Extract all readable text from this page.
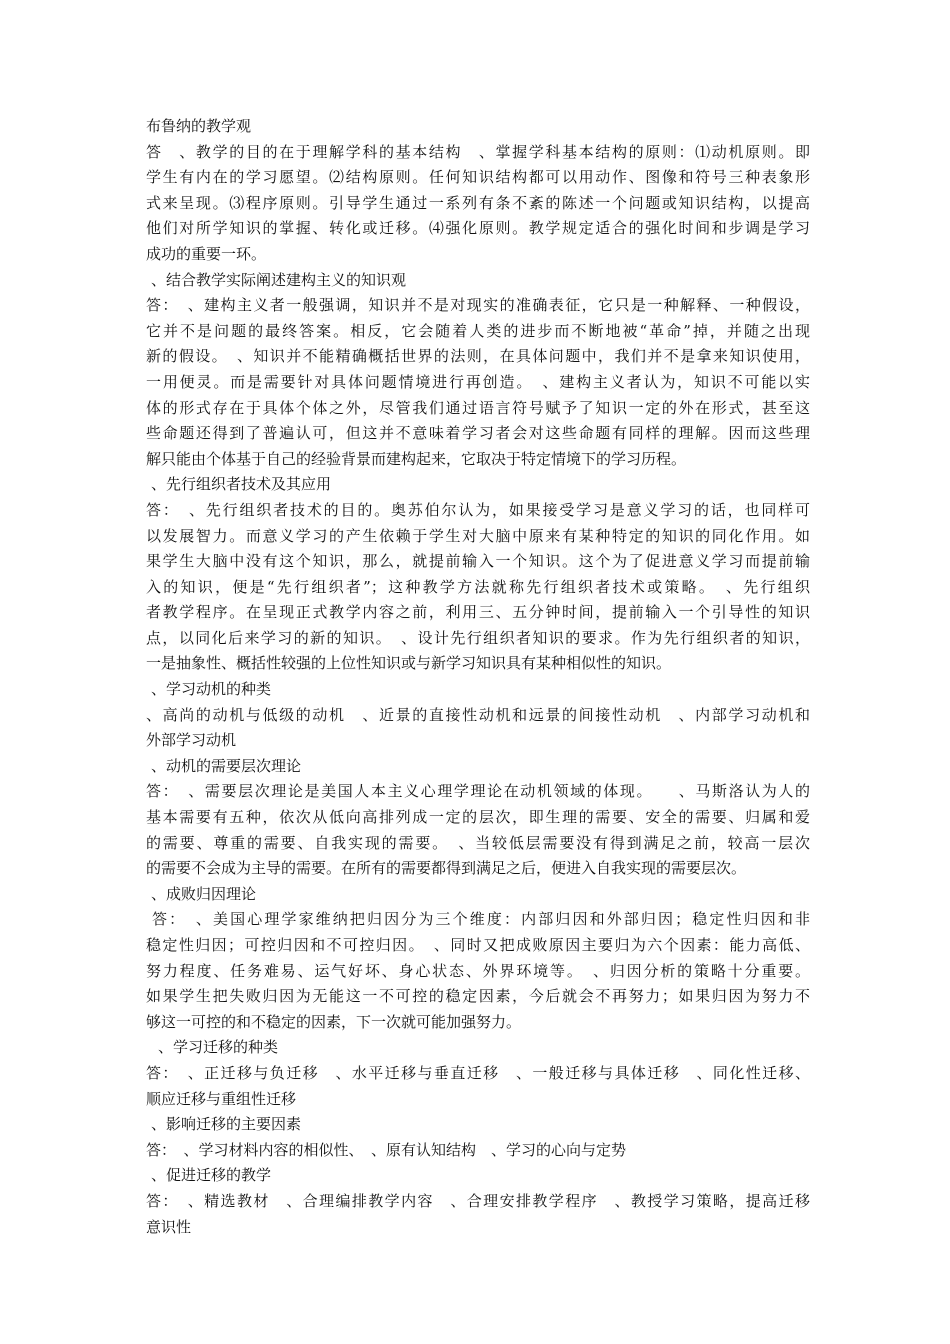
布鲁纳的教学观
答　、教学的目的在于理解学科的基本结构　、掌握学科基本结构的原则：⑴动机原则。即
学生有内在的学习愿望。⑵结构原则。任何知识结构都可以用动作、图像和符号三种表象形
式来呈现。⑶程序原则。引导学生通过一系列有条不紊的陈述一个问题或知识结构，以提高
他们对所学知识的掌握、转化或迁移。⑷强化原则。教学规定适合的强化时间和步调是学习
成功的重要一环。
、结合教学实际阐述建构主义的知识观
答：　、建构主义者一般强调，知识并不是对现实的准确表征，它只是一种解释、一种假设，
它并不是问题的最终答案。相反，它会随着人类的进步而不断地被“革命”掉，并随之出现
新的假设。　、知识并不能精确概括世界的法则，在具体问题中，我们并不是拿来知识使用，
一用便灵。而是需要针对具体问题情境进行再创造。　、建构主义者认为，知识不可能以实
体的形式存在于具体个体之外，尽管我们通过语言符号赋予了知识一定的外在形式，甚至这
些命题还得到了普遍认可，但这并不意味着学习者会对这些命题有同样的理解。因而这些理
解只能由个体基于自己的经验背景而建构起来，它取决于特定情境下的学习历程。
、先行组织者技术及其应用
答：　、先行组织者技术的目的。奥苏伯尔认为，如果接受学习是意义学习的话，也同样可
以发展智力。而意义学习的产生依赖于学生对大脑中原来有某种特定的知识的同化作用。如
果学生大脑中没有这个知识，那么，就提前输入一个知识。这个为了促进意义学习而提前输
入的知识，便是“先行组织者”；这种教学方法就称先行组织者技术或策略。　、先行组织
者教学程序。在呈现正式教学内容之前，利用三、五分钟时间，提前输入一个引导性的知识
点，以同化后来学习的新的知识。　、设计先行组织者知识的要求。作为先行组织者的知识，
一是抽象性、概括性较强的上位性知识或与新学习知识具有某种相似性的知识。
、学习动机的种类
、高尚的动机与低级的动机　、近景的直接性动机和远景的间接性动机　、内部学习动机和
外部学习动机
、动机的需要层次理论
答：　、需要层次理论是美国人本主义心理学理论在动机领域的体现。　　、马斯洛认为人的
基本需要有五种，依次从低向高排列成一定的层次，即生理的需要、安全的需要、归属和爱
的需要、尊重的需要、自我实现的需要。　、当较低层需要没有得到满足之前，较高一层次
的需要不会成为主导的需要。在所有的需要都得到满足之后，便进入自我实现的需要层次。
、成败归因理论
答：　、美国心理学家维纳把归因分为三个维度：内部归因和外部归因；稳定性归因和非
稳定性归因；可控归因和不可控归因。　、同时又把成败原因主要归为六个因素：能力高低、
努力程度、任务难易、运气好坏、身心状态、外界环境等。　、归因分析的策略十分重要。
如果学生把失败归因为无能这一不可控的稳定因素，今后就会不再努力；如果归因为努力不
够这一可控的和不稳定的因素，下一次就可能加强努力。
、学习迁移的种类
答：　、正迁移与负迁移　、水平迁移与垂直迁移　、一般迁移与具体迁移　、同化性迁移、
顺应迁移与重组性迁移
、影响迁移的主要因素
答：　、学习材料内容的相似性、　、原有认知结构　、学习的心向与定势
、促进迁移的教学
答：　、精选教材　、合理编排教学内容　、合理安排教学程序　、教授学习策略，提高迁移
意识性
